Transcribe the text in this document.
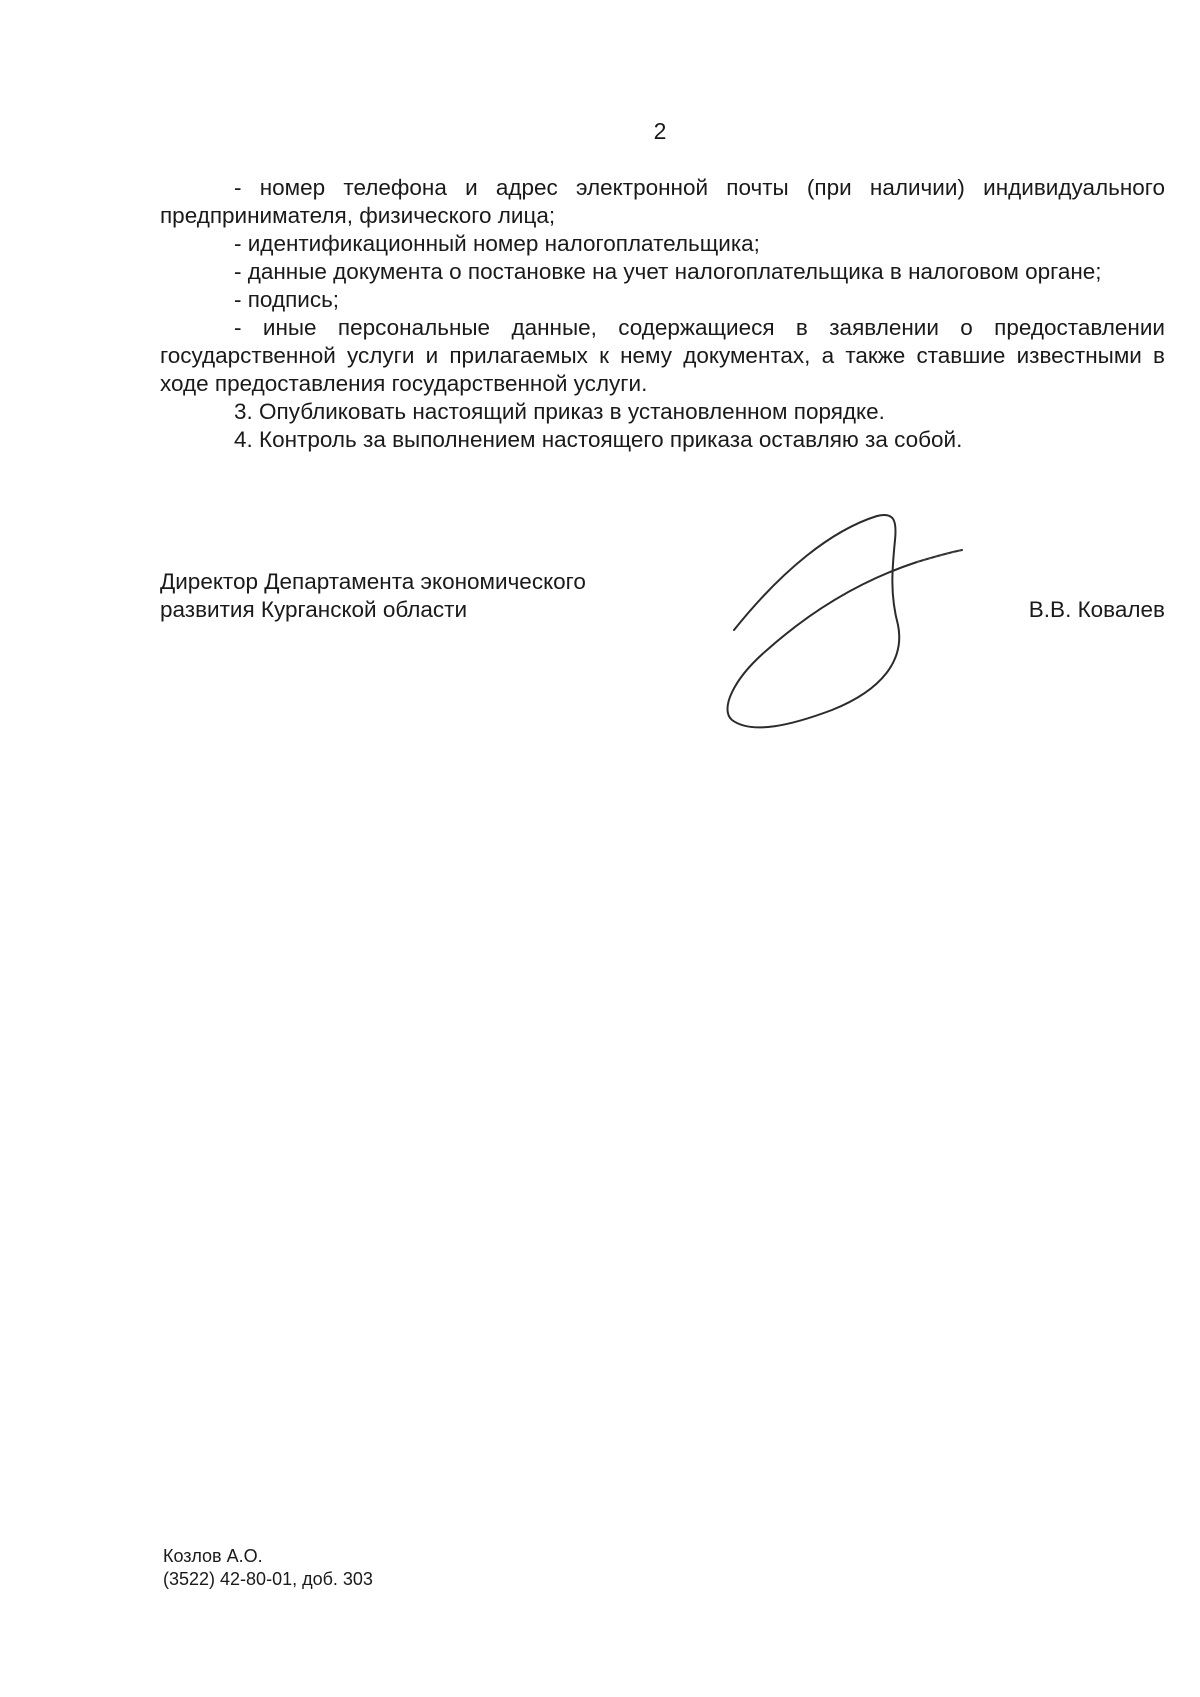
2

- номер телефона и адрес электронной почты (при наличии) индивидуального предпринимателя, физического лица;

- идентификационный номер налогоплательщика;

- данные документа о постановке на учет налогоплательщика в налоговом органе;

- подпись;

- иные персональные данные, содержащиеся в заявлении о предоставлении государственной услуги и прилагаемых к нему документах, а также ставшие известными в ходе предоставления государственной услуги.

3. Опубликовать настоящий приказ в установленном порядке.

4. Контроль за выполнением настоящего приказа оставляю за собой.

Директор Департамента экономического
развития Курганской области	В.В. Ковалев
Козлов А.О.
(3522) 42-80-01, доб. 303
